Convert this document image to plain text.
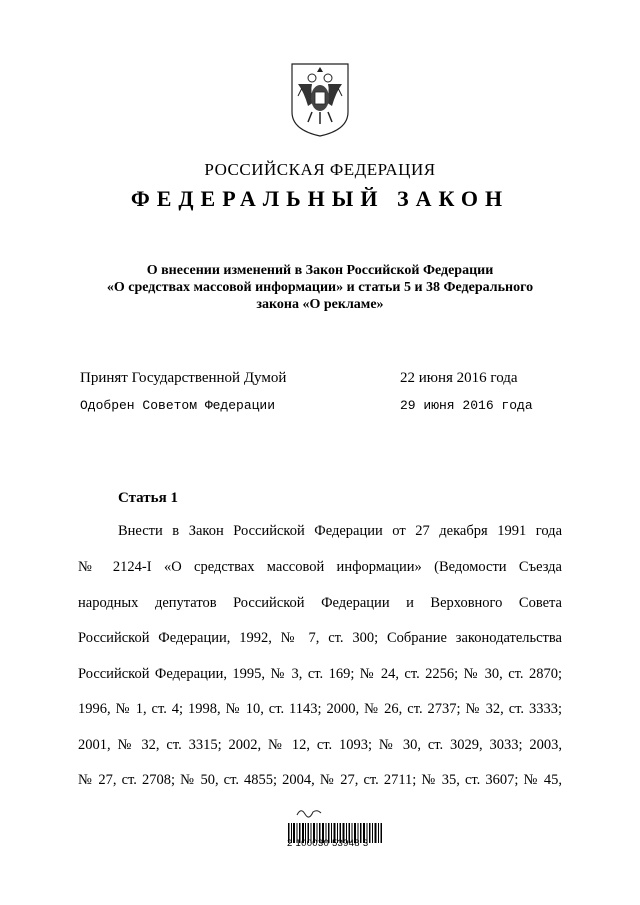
РОССИЙСКАЯ ФЕДЕРАЦИЯ
ФЕДЕРАЛЬНЫЙ ЗАКОН
О внесении изменений в Закон Российской Федерации
«О средствах массовой информации» и статьи 5 и 38 Федерального
закона «О рекламе»
Принят Государственной Думой	22 июня 2016 года
Одобрен Советом Федерации	29 июня 2016 года
Статья 1
Внести в Закон Российской Федерации от 27 декабря 1991 года
№ 2124-I «О средствах массовой информации» (Ведомости Съезда
народных депутатов Российской Федерации и Верховного Совета
Российской Федерации, 1992, № 7, ст. 300; Собрание законодательства
Российской Федерации, 1995, № 3, ст. 169; № 24, ст. 2256; № 30, ст. 2870;
1996, № 1, ст. 4; 1998, № 10, ст. 1143; 2000, № 26, ст. 2737; № 32, ст. 3333;
2001, № 32, ст. 3315; 2002, № 12, ст. 1093; № 30, ст. 3029, 3033; 2003,
№ 27, ст. 2708; № 50, ст. 4855; 2004, № 27, ст. 2711; № 35, ст. 3607; № 45,
2 100030 53948 3
